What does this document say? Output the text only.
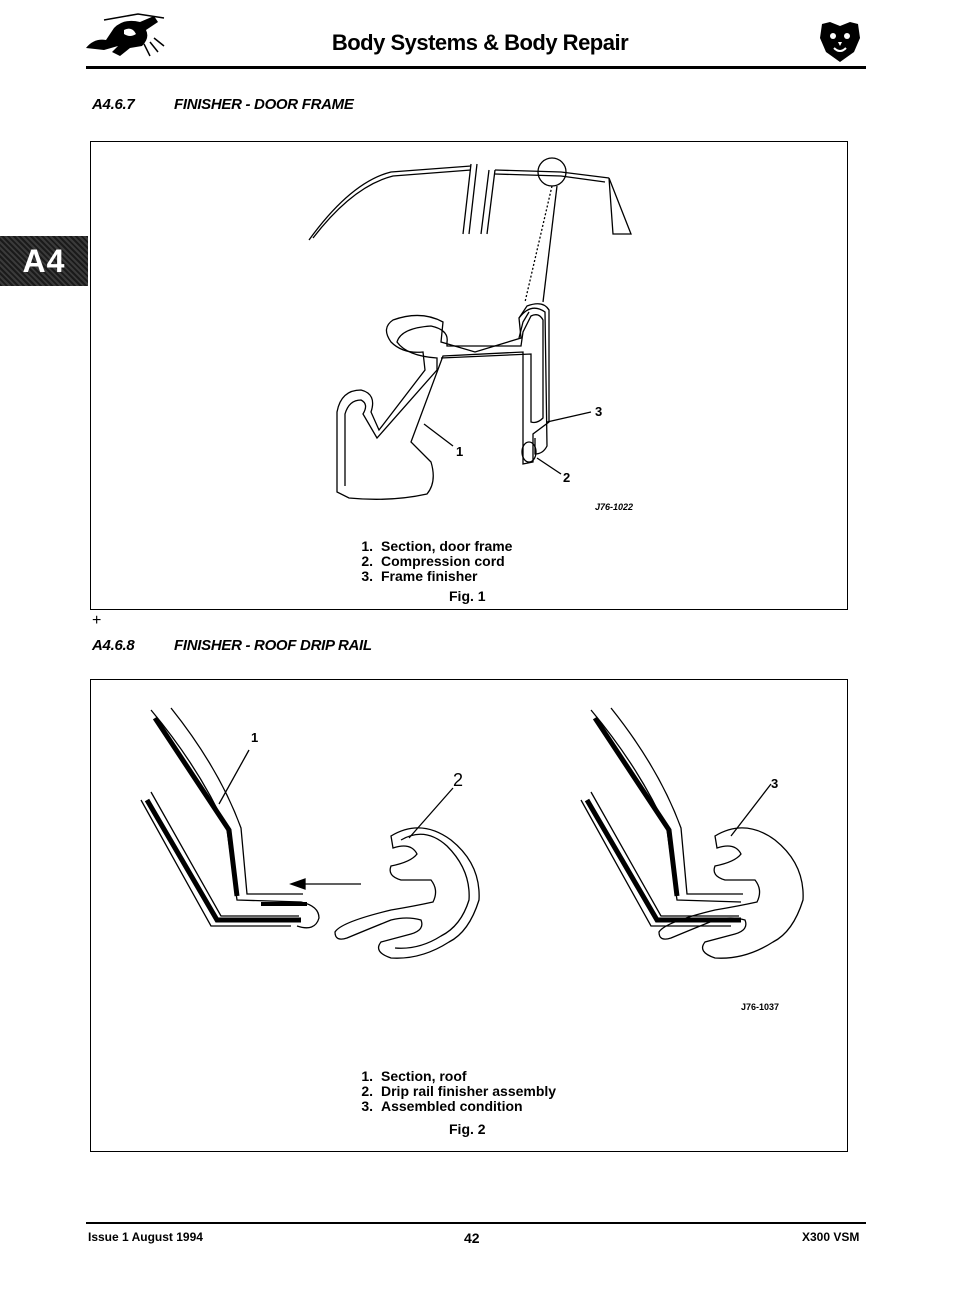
Body Systems & Body Repair
A4
A4.6.7	FINISHER - DOOR FRAME
1
2
3
J76-1022
1. Section, door frame
2. Compression cord
3. Frame finisher
Fig. 1
+
A4.6.8	FINISHER - ROOF DRIP RAIL
1
2	3
J76-1037
1. Section, roof
2. Drip rail finisher assembly
3. Assembled condition
Fig. 2
Issue 1 August 1994	42	X300 VSM
